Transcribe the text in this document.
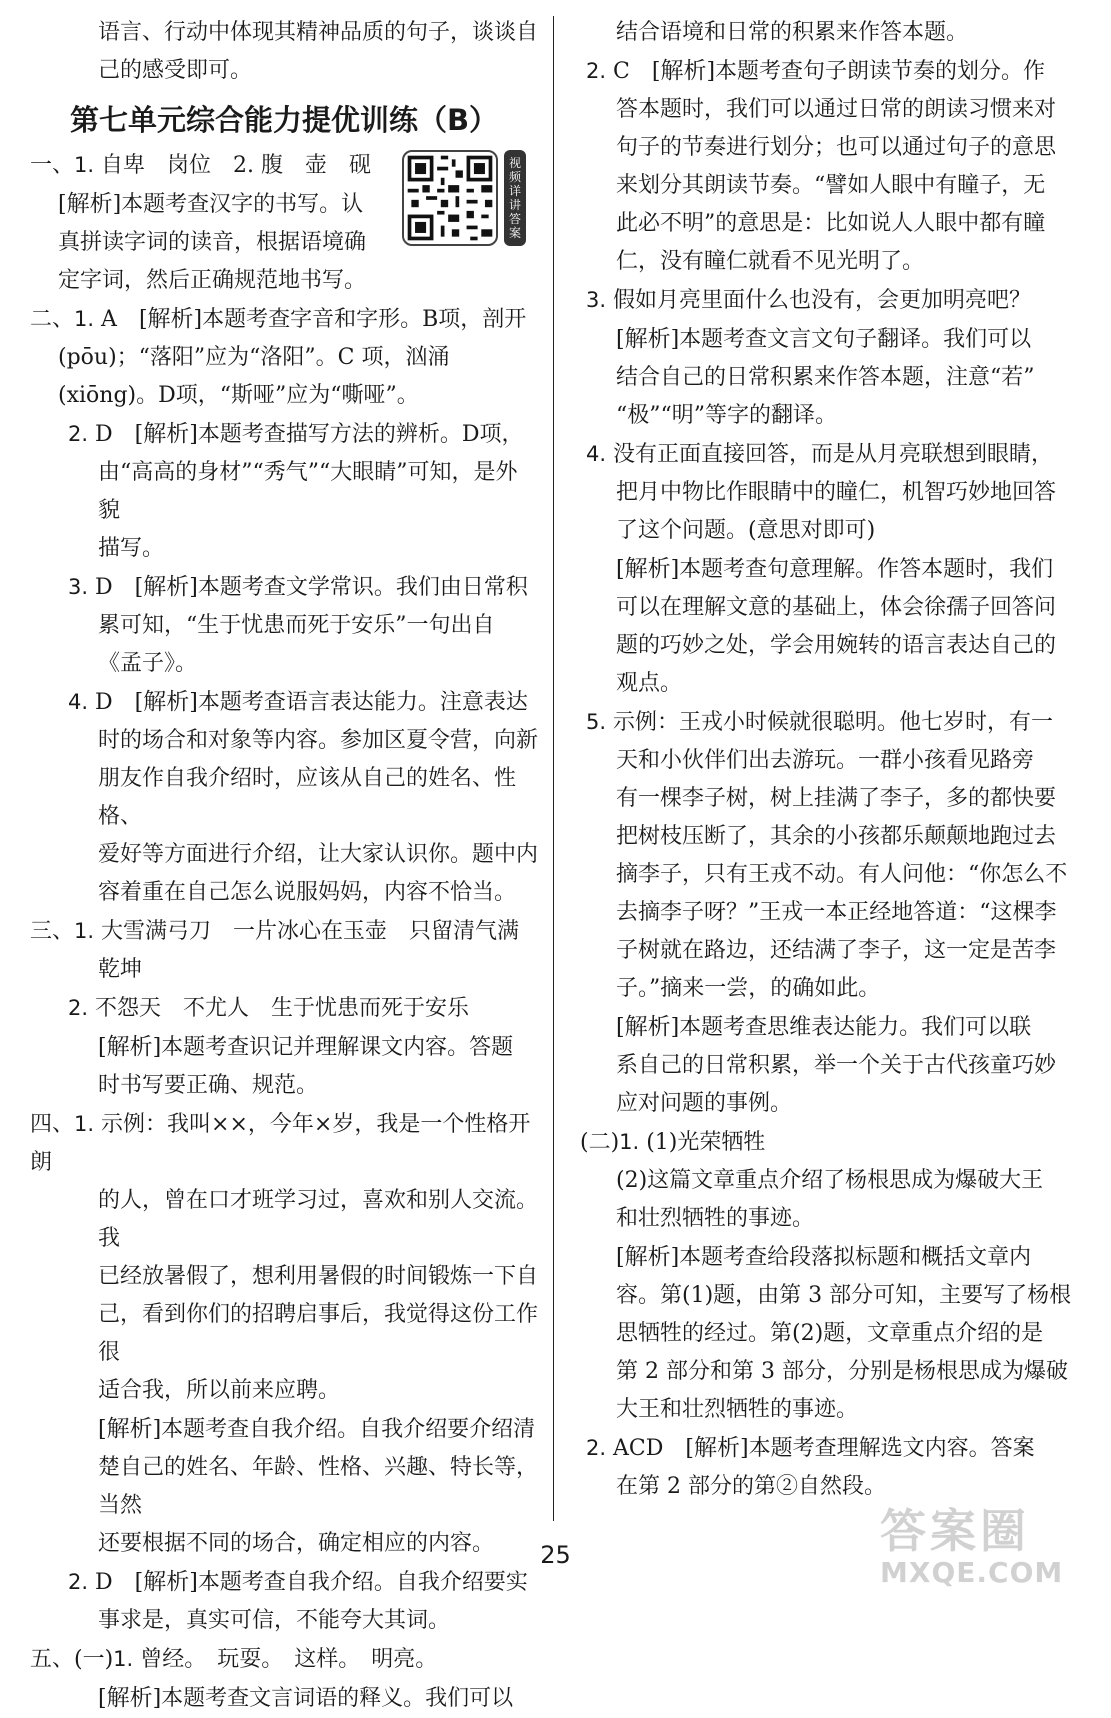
语言、行动中体现其精神品质的句子，谈谈自

己的感受即可。

第七单元综合能力提优训练（B）
视频详讲答案

一、1. 自卑　岗位　2. 腹　壶　砚

[解析]本题考查汉字的书写。认

真拼读字词的读音，根据语境确

定字词，然后正确规范地书写。

二、1. A　[解析]本题考查字音和字形。B项，剖开

(pōu)；“落阳”应为“洛阳”。C 项，汹涌

(xiōng)。D项，“斯哑”应为“嘶哑”。

2. D　[解析]本题考查描写方法的辨析。D项，

由“高高的身材”“秀气”“大眼睛”可知，是外貌

描写。

3. D　[解析]本题考查文学常识。我们由日常积

累可知，“生于忧患而死于安乐”一句出自

《孟子》。

4. D　[解析]本题考查语言表达能力。注意表达

时的场合和对象等内容。参加区夏令营，向新

朋友作自我介绍时，应该从自己的姓名、性格、

爱好等方面进行介绍，让大家认识你。题中内

容着重在自己怎么说服妈妈，内容不恰当。

三、1. 大雪满弓刀　一片冰心在玉壶　只留清气满

乾坤

2. 不怨天　不尤人　生于忧患而死于安乐

[解析]本题考查识记并理解课文内容。答题

时书写要正确、规范。

四、1. 示例：我叫××，今年×岁，我是一个性格开朗

的人，曾在口才班学习过，喜欢和别人交流。我

已经放暑假了，想利用暑假的时间锻炼一下自

己，看到你们的招聘启事后，我觉得这份工作很

适合我，所以前来应聘。

[解析]本题考查自我介绍。自我介绍要介绍清

楚自己的姓名、年龄、性格、兴趣、特长等，当然

还要根据不同的场合，确定相应的内容。

2. D　[解析]本题考查自我介绍。自我介绍要实

事求是，真实可信，不能夸大其词。

五、(一)1. 曾经。　玩耍。　这样。　明亮。

[解析]本题考查文言词语的释义。我们可以

结合语境和日常的积累来作答本题。

2. C　[解析]本题考查句子朗读节奏的划分。作

答本题时，我们可以通过日常的朗读习惯来对

句子的节奏进行划分；也可以通过句子的意思

来划分其朗读节奏。“譬如人眼中有瞳子，无

此必不明”的意思是：比如说人人眼中都有瞳

仁，没有瞳仁就看不见光明了。

3. 假如月亮里面什么也没有，会更加明亮吧？

[解析]本题考查文言文句子翻译。我们可以

结合自己的日常积累来作答本题，注意“若”

“极”“明”等字的翻译。

4. 没有正面直接回答，而是从月亮联想到眼睛，

把月中物比作眼睛中的瞳仁，机智巧妙地回答

了这个问题。(意思对即可)

[解析]本题考查句意理解。作答本题时，我们

可以在理解文意的基础上，体会徐孺子回答问

题的巧妙之处，学会用婉转的语言表达自己的

观点。

5. 示例：王戎小时候就很聪明。他七岁时，有一

天和小伙伴们出去游玩。一群小孩看见路旁

有一棵李子树，树上挂满了李子，多的都快要

把树枝压断了，其余的小孩都乐颠颠地跑过去

摘李子，只有王戎不动。有人问他：“你怎么不

去摘李子呀？”王戎一本正经地答道：“这棵李

子树就在路边，还结满了李子，这一定是苦李

子。”摘来一尝，的确如此。

[解析]本题考查思维表达能力。我们可以联

系自己的日常积累，举一个关于古代孩童巧妙

应对问题的事例。

(二)1. (1)光荣牺牲

(2)这篇文章重点介绍了杨根思成为爆破大王

和壮烈牺牲的事迹。

[解析]本题考查给段落拟标题和概括文章内

容。第(1)题，由第 3 部分可知，主要写了杨根

思牺牲的经过。第(2)题，文章重点介绍的是

第 2 部分和第 3 部分，分别是杨根思成为爆破

大王和壮烈牺牲的事迹。

2. ACD　[解析]本题考查理解选文内容。答案

在第 2 部分的第②自然段。

25	答案圈
MXQE.COM
